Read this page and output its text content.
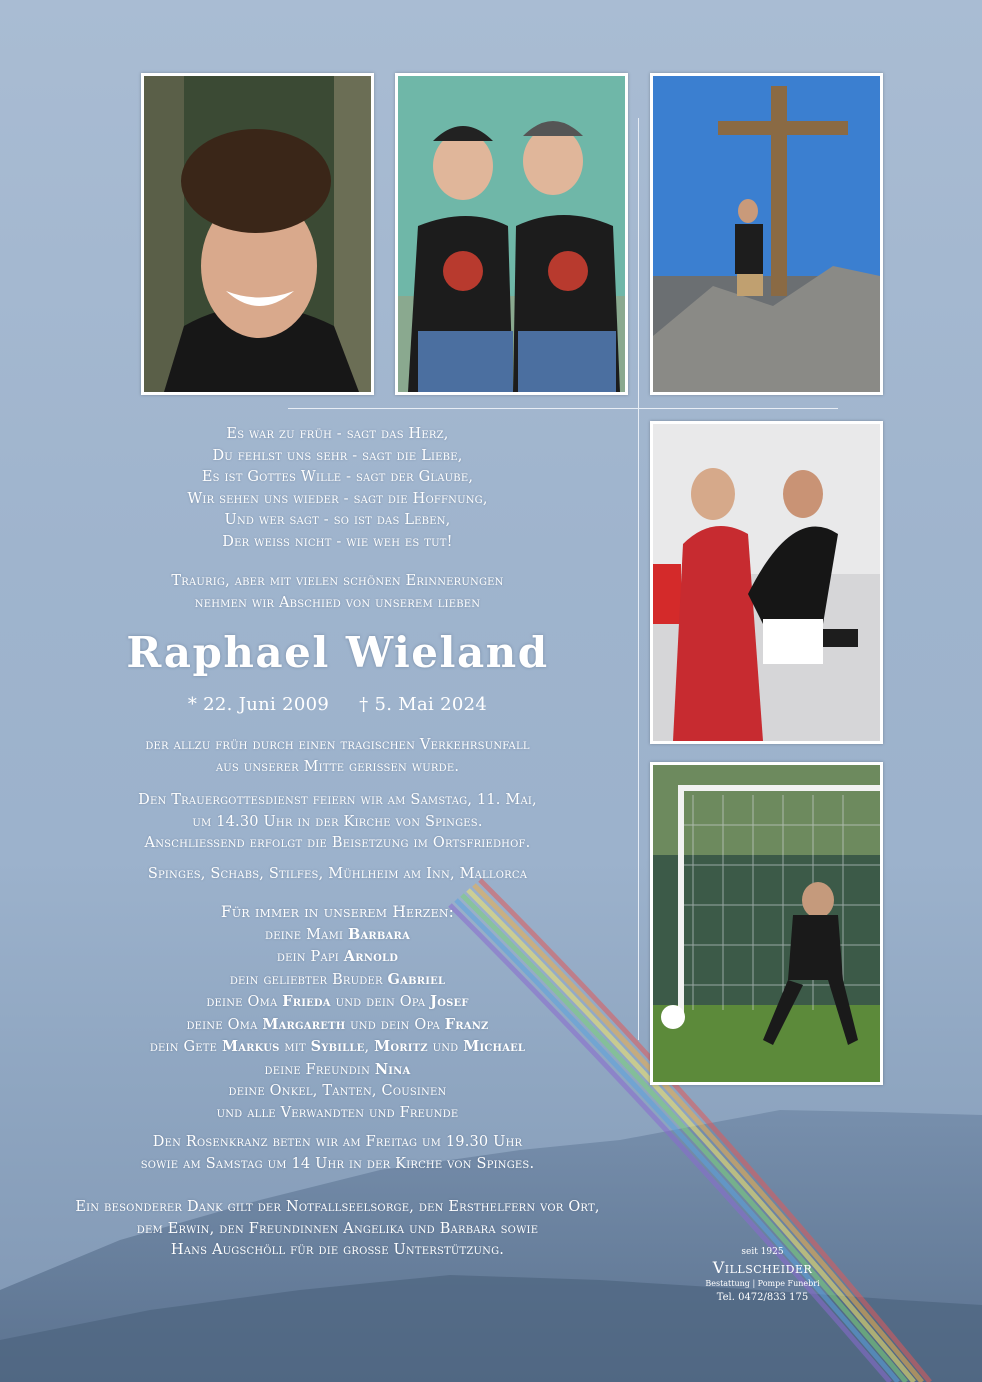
Es war zu früh - sagt das Herz,
Du fehlst uns sehr - sagt die Liebe,
Es ist Gottes Wille - sagt der Glaube,
Wir sehen uns wieder - sagt die Hoffnung,
Und wer sagt - so ist das Leben,
Der weiß nicht - wie weh es tut!
Traurig, aber mit vielen schönen Erinnerungen
nehmen wir Abschied von unserem lieben
Raphael Wieland
* 22. Juni 2009 † 5. Mai 2024
der allzu früh durch einen tragischen Verkehrsunfall
aus unserer Mitte gerissen wurde.
Den Trauergottesdienst feiern wir am Samstag, 11. Mai,
um 14.30 Uhr in der Kirche von Spinges.
Anschließend erfolgt die Beisetzung im Ortsfriedhof.
Spinges, Schabs, Stilfes, Mühlheim am Inn, Mallorca
Für immer in unserem Herzen:
deine Mami Barbara
dein Papi Arnold
dein geliebter Bruder Gabriel
deine Oma Frieda und dein Opa Josef
deine Oma Margareth und dein Opa Franz
dein Gete Markus mit Sybille, Moritz und Michael
deine Freundin Nina
deine Onkel, Tanten, Cousinen
und alle Verwandten und Freunde
Den Rosenkranz beten wir am Freitag um 19.30 Uhr
sowie am Samstag um 14 Uhr in der Kirche von Spinges.
Ein besonderer Dank gilt der Notfallseelsorge, den Ersthelfern vor Ort,
dem Erwin, den Freundinnen Angelika und Barbara sowie
Hans Augschöll für die große Unterstützung.	seit 1925
Villscheider
Bestattung | Pompe Funebri
Tel. 0472/833 175
